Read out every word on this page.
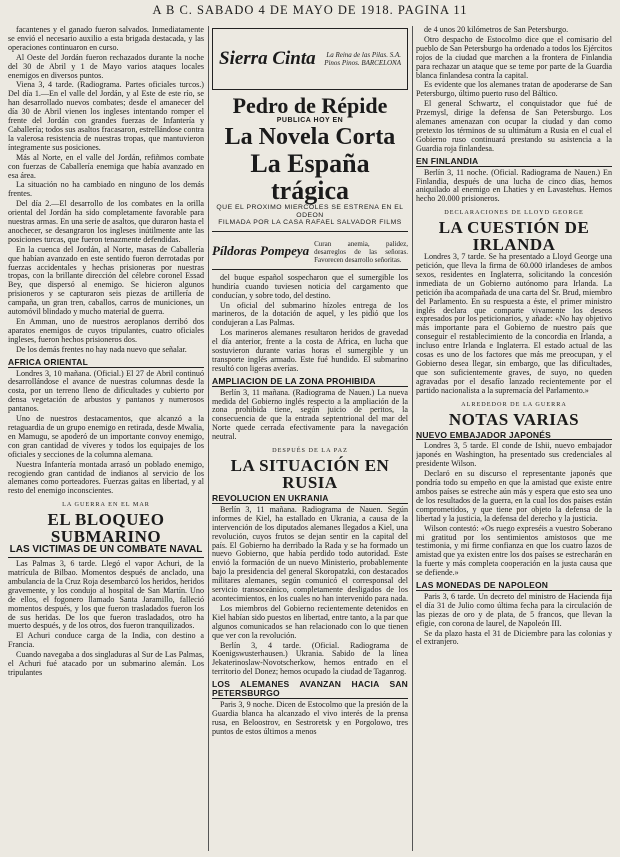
A B C. SABADO 4 DE MAYO DE 1918. PAGINA 11

facantenes y el ganado fueron salvados. Inmediatamente se envió el necesario auxilio a esta brigada destacada, y las operaciones continuaron en curso.

Al Oeste del Jordán fueron rechazados durante la noche del 30 de Abril y 1 de Mayo varios ataques locales enemigos en diversos puntos.

Viena 3, 4 tarde. (Radiograma. Partes oficiales turcos.) Del día 1.—En el valle del Jordán, y al Este de este río, se han desarrollado nuevos combates; desde el amanecer del día 30 de Abril vienen los ingleses intentando romper el frente del Jordán con grandes fuerzas de Infantería y Caballería; todos sus asaltos fracasaron, estrellándose contra la valerosa resistencia de nuestras tropas, que mantuvieron íntegramente sus posiciones.

Más al Norte, en el valle del Jordán, refiñmos combate con fuerzas de Caballería enemiga que había avanzado en esa área.

La situación no ha cambiado en ninguno de los demás frentes.

Del día 2.—El desarrollo de los combates en la orilla oriental del Jordán ha sido completamente favorable para nuestras armas. En una serie de asaltos, que duraron hasta el anochecer, se desangraron los ingleses inútilmente ante las posiciones turcas, que fueron tenazmente defendidas.

En la cuenca del Jordán, al Norte, masas de Caballería que habían avanzado en este sentido fueron derrotadas por fuerzas accidentales y hechas prisioneras por nuestras tropas, con la brillante dirección del célebre coronel Essad Bey, que dispersó al enemigo. Se hicieron algunos prisioneros y se capturaron seis piezas de artillería de campaña, un gran tren, caballos, carros de municiones, un automóvil blindado y mucho material de guerra.

En Amman, uno de nuestros aeroplanos derribó dos aparatos enemigos de cuyos tripulantes, cuatro oficiales ingleses, fueron hechos prisioneros dos.

De los demás frentes no hay nada nuevo que señalar.

AFRICA ORIENTAL

Londres 3, 10 mañana. (Oficial.) El 27 de Abril continuó desarrollándose el avance de nuestras columnas desde la costa, por un terreno lleno de dificultades y cubierto por densa vegetación de arbustos y pantanos y numerosos pantanos.

Uno de nuestros destacamentos, que alcanzó a la retaguardia de un grupo enemigo en retirada, desde Mwalia, en Mamugu, se apoderó de un importante convoy enemigo, con gran cantidad de víveres y todos los equipajes de los oficiales y secciones de la columna alemana.

Nuestra Infantería montada arrasó un poblado enemigo, recogiendo gran cantidad de indianos al servicio de los alemanes como porteadores. Fuerzas gaitas en libertad, y al resto del enemigo inconscientes.

LA GUERRA EN EL MAR
EL BLOQUEO SUBMARINO
LAS VICTIMAS DE UN COMBATE NAVAL

Las Palmas 3, 6 tarde. Llegó el vapor Achuri, de la matrícula de Bilbao. Momentos después de anclado, una ambulancia de la Cruz Roja desembarcó los heridos, heridos gravemente, y los condujo al hospital de San Martín. Uno de ellos, el fogonero llamado Santa Jaramillo, falleció momentos después, y los que fueron trasladados fueron los de sus heridas. De los que fueron trasladados, otro ha muerto después, y de los otros, dos fueron tranquilizados.

El Achuri conduce carga de la India, con destino a Francia.

Cuando navegaba a dos singladuras al Sur de Las Palmas, el Achuri fué atacado por un submarino alemán. Los tripulantes

Sierra Cinta	La Reina de las Pilas. S.A. Pinos Pinos. BARCELONA
Pedro de Répide
PUBLICA HOY EN
La Novela Corta
La España trágica
QUE EL PROXIMO MIERCOLES SE ESTRENA EN EL ODEON
FILMADA POR LA CASA RAFAEL SALVADOR FILMS
Píldoras Pompeya Curan anemia, palidez, desarreglos de las señoras. Favorecen desarrollo señoritas.

del buque español sospecharon que el sumergible los hundiría cuando tuviesen noticia del cargamento que conducían, y sobre todo, del destino.

Un oficial del submarino hízoles entrega de los marineros, de la dotación de aquel, y les pidió que los condujeran a Las Palmas.

Los marineros alemanes resultaron heridos de gravedad el día anterior, frente a la costa de Africa, en lucha que sostuvieron durante varias horas el sumergible y un transporte inglés armado. Este fué hundido. El submarino resultó con ligeras averías.

AMPLIACION DE LA ZONA PROHIBIDA

Berlín 3, 11 mañana. (Radiograma de Nauen.) La nueva medida del Gobierno inglés respecto a la ampliación de la zona prohibida tiene, según juicio de peritos, la consecuencia de que la entrada septentrional del mar del Norte quede cerrada efectivamente para la navegación neutral.

DESPUÉS DE LA PAZ
LA SITUACIÓN EN RUSIA
REVOLUCION EN UKRANIA

Berlín 3, 11 mañana. Radiograma de Nauen. Según informes de Kiel, ha estallado en Ukrania, a causa de la intervención de los diputados alemanes llegados a Kiel, una revolución, cuyos frutos se dejan sentir en la capital del país. El Gobierno ha derribado la Rada y se ha formado un nuevo Gobierno, que había perdido todo autoridad. Este envió la formación de un nuevo Ministerio, probablemente bajo la presidencia del general Skoropatzki, con destacados militares alemanes, según comunicó el corresponsal del servicio transoceánico, completamente desligados de los acontecimientos, en los cuales no han intervenido para nada.

Los miembros del Gobierno recientemente detenidos en Kiel habían sido puestos en libertad, entre tanto, a la par que algunos comunicados se han relacionado con lo que tienen que ver con la revolución.

Berlín 3, 4 tarde. (Oficial. Radiograma de Koenigswusterhausen.) Ukrania. Sabido de la línea Jekaterinoslaw-Novotscherkow, hemos entrado en el territorio del Donez; hemos ocupado la ciudad de Taganrog.

LOS ALEMANES AVANZAN HACIA SAN PETERSBURGO

Paris 3, 9 noche. Dicen de Estocolmo que la presión de la Guardia blanca ha alcanzado el vivo interés de la prensa rusa, en Beloostrov, en Sestroretsk y en Porgolowo, tres puntos de estos últimos a menos

de 4 unos 20 kilómetros de San Petersburgo.

Otro despacho de Estocolmo dice que el comisario del pueblo de San Petersburgo ha ordenado a todos los Ejércitos rojos de la ciudad que marchen a la frontera de Finlandia para rechazar un ataque que se teme por parte de la Guardia blanca finlandesa contra la capital.

Es evidente que los alemanes tratan de apoderarse de San Petersburgo, último puerto ruso del Báltico.

El general Schwartz, el conquistador que fué de Przemysl, dirige la defensa de San Petersburgo. Los alemanes amenazan con ocupar la ciudad y dan como pretexto los términos de su ultimátum a Rusia en el cual el Gobierno ruso continuará prestando su asistencia a la Guardia roja finlandesa.

EN FINLANDIA

Berlín 3, 11 noche. (Oficial. Radiograma de Nauen.) En Finlandia, después de una lucha de cinco días, hemos aniquilado al enemigo en Lhaties y en Lavastehus. Hemos hecho 20.000 prisioneros.

DECLARACIONES DE LLOYD GEORGE
LA CUESTIÓN DE IRLANDA

Londres 3, 7 tarde. Se ha presentado a Lloyd George una petición, que lleva la firma de 60.000 irlandeses de ambos sexos, residentes en Inglaterra, solicitando la concesión inmediata de un Gobierno autónomo para Irlanda. La petición iba acompañada de una carta del Sr. Brud, miembro del Parlamento. En su respuesta a éste, el primer ministro inglés declara que comparte vivamente los deseos expresados por los peticionarios, y añade: «No hay objetivo más importante para el Gobierno de nuestro país que conseguir el restablecimiento de la concordia en Irlanda, a incluso entre Irlanda e Inglaterra. El estado actual de las cosas es uno de los factores que más me preocupan, y el Gobierno desea llegar, sin embargo, que las dificultades, que son suficientemente graves, de suyo, no queden agravadas por el desafío lanzado recientemente por el partido nacionalista a la supremacía del Parlamento.»

ALREDEDOR DE LA GUERRA
NOTAS VARIAS
NUEVO EMBAJADOR JAPONÉS

Londres 3, 5 tarde. El conde de Ishii, nuevo embajador japonés en Washington, ha presentado sus credenciales al presidente Wilson.

Declaró en su discurso el representante japonés que pondría todo su empeño en que la amistad que existe entre ambos países se estreche aún más y espera que esto sea uno de los resultados de la guerra, en la cual los dos países están comprometidos, y que tiene por objeto la defensa de la libertad y la justicia, la defensa del derecho y la justicia.

Wilson contestó: «Os ruego expreséis a vuestro Soberano mi gratitud por los sentimientos amistosos que me testimonia, y mi firme confianza en que los cuatro lazos de amistad que ya existen entre los dos países se estrecharán en la fuerte y más completa cooperación en la justa causa que se defiende.»

LAS MONEDAS DE NAPOLEON

Paris 3, 6 tarde. Un decreto del ministro de Hacienda fija el día 31 de Julio como última fecha para la circulación de las piezas de oro y de plata, de 5 francos, que llevan la efigie, con corona de laurel, de Napoleón III.

Se da plazo hasta el 31 de Diciembre para las colonias y el extranjero.
